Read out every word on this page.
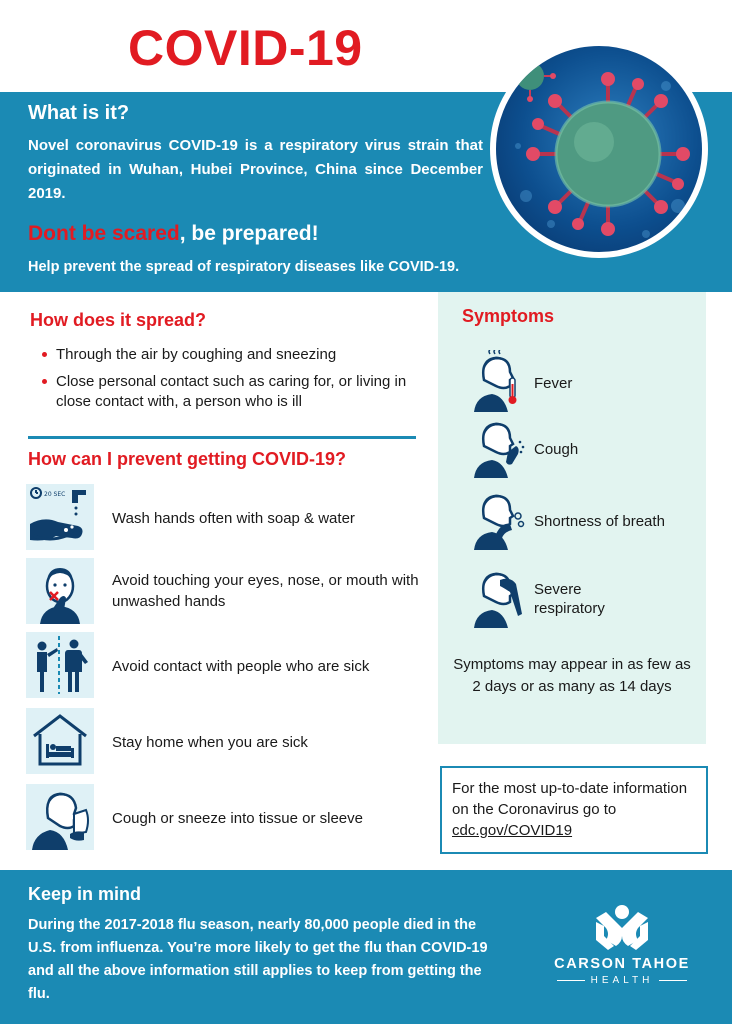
COVID-19
What is it?
Novel coronavirus COVID-19 is a respiratory virus strain that originated in Wuhan, Hubei Province, China since December 2019.
Dont be scared, be prepared!
Help prevent the spread of respiratory diseases like COVID-19.
How does it spread?
Through the air by coughing and sneezing
Close personal contact such as caring for, or living in close contact with, a person who is ill
How can I prevent getting COVID-19?
20 SEC
Wash hands often with soap & water
Avoid touching your eyes, nose, or mouth with unwashed hands
Avoid contact with people who are sick
Stay home when you are sick
Cough or sneeze into tissue or sleeve
Symptoms
Fever
Cough
Shortness of breath
Severe respiratory
Symptoms may appear in as few as 2 days or as many as 14 days
For the most up-to-date information on the Coronavirus go to cdc.gov/COVID19
Keep in mind
During the 2017-2018 flu season, nearly 80,000 people died in the U.S. from influenza. You’re more likely to get the flu than COVID-19 and all the above information still applies to keep from getting the flu.
CARSON TAHOE
HEALTH
